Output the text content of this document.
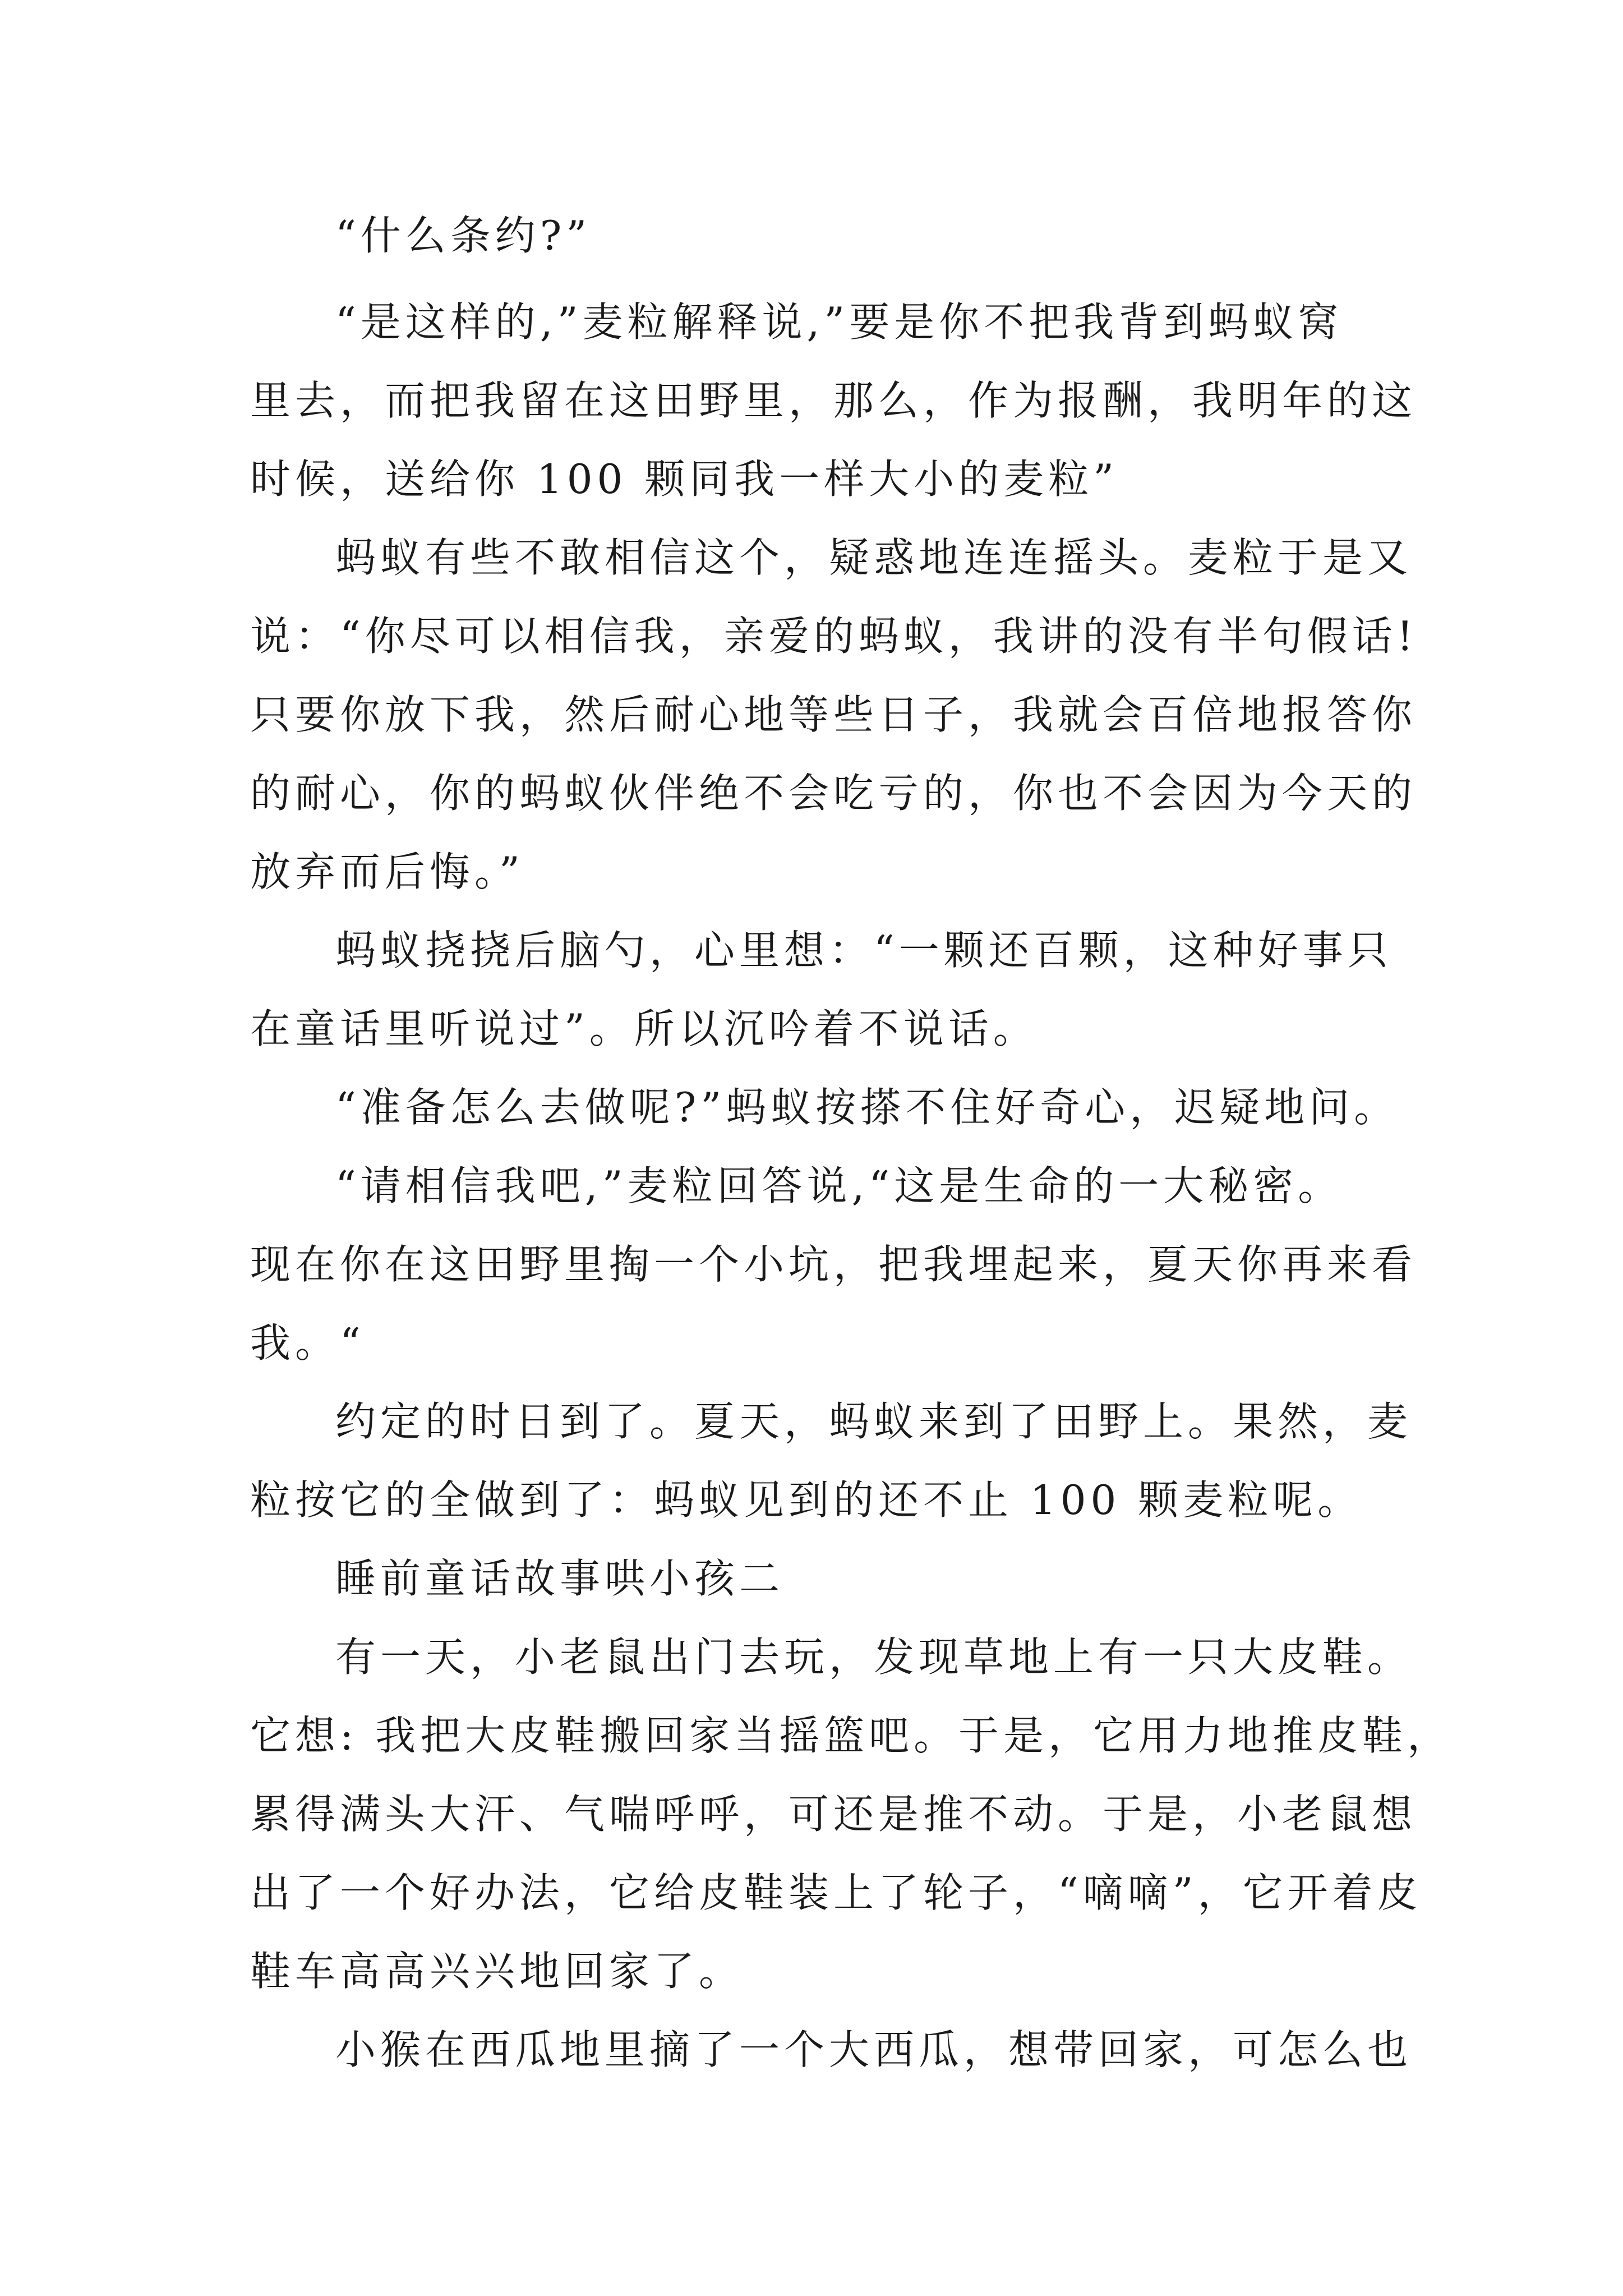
“什么条约?”
“是这样的,”麦粒解释说,”要是你不把我背到蚂蚁窝
里去，而把我留在这田野里，那么，作为报酬，我明年的这
时候，送给你 100 颗同我一样大小的麦粒”
蚂蚁有些不敢相信这个，疑惑地连连摇头。麦粒于是又
说：“你尽可以相信我，亲爱的蚂蚁，我讲的没有半句假话!
只要你放下我，然后耐心地等些日子，我就会百倍地报答你
的耐心，你的蚂蚁伙伴绝不会吃亏的，你也不会因为今天的
放弃而后悔。”
蚂蚁挠挠后脑勺，心里想：“一颗还百颗，这种好事只
在童话里听说过”。所以沉吟着不说话。
“准备怎么去做呢?”蚂蚁按搽不住好奇心，迟疑地问。
“请相信我吧,”麦粒回答说,“这是生命的一大秘密。
现在你在这田野里掏一个小坑，把我埋起来，夏天你再来看
我。“
约定的时日到了。夏天，蚂蚁来到了田野上。果然，麦
粒按它的全做到了：蚂蚁见到的还不止 100 颗麦粒呢。
睡前童话故事哄小孩二
有一天，小老鼠出门去玩，发现草地上有一只大皮鞋。
它想: 我把大皮鞋搬回家当摇篮吧。于是，它用力地推皮鞋，
累得满头大汗、气喘呼呼，可还是推不动。于是，小老鼠想
出了一个好办法，它给皮鞋装上了轮子，“嘀嘀”，它开着皮
鞋车高高兴兴地回家了。
小猴在西瓜地里摘了一个大西瓜，想带回家，可怎么也
